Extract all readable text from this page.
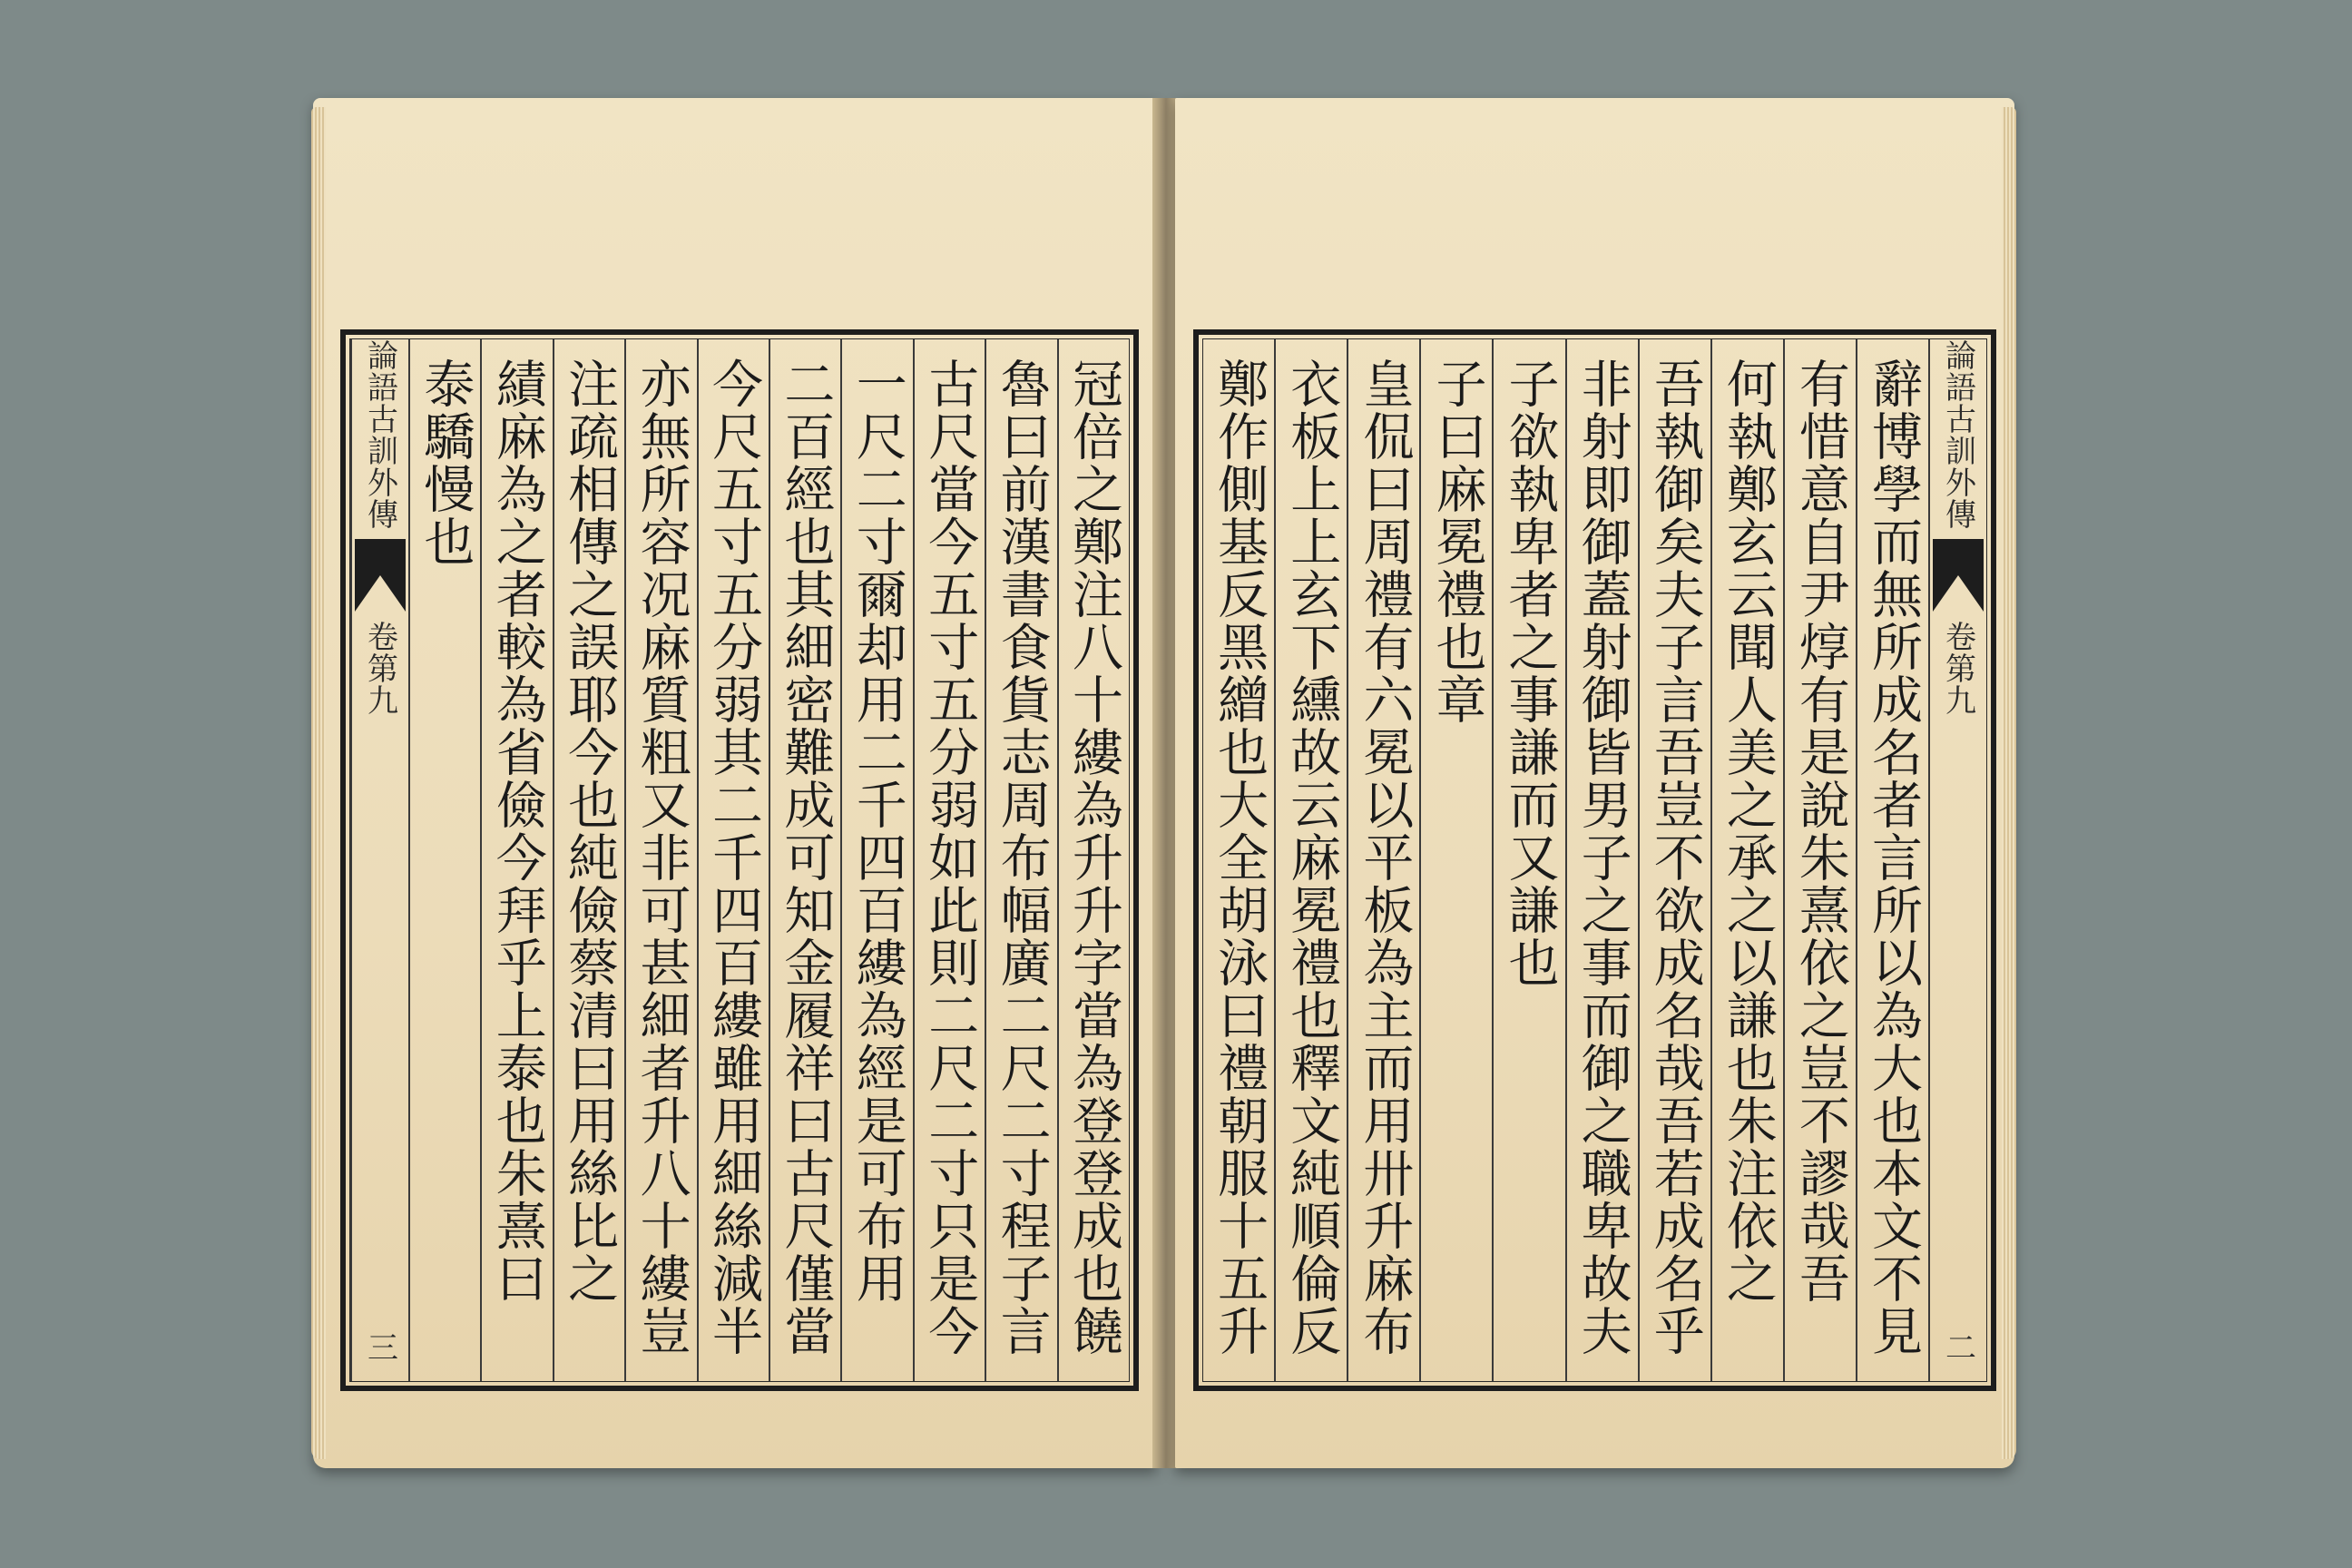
冠倍之鄭注八十縷為升升字當為登登成也饒
魯曰前漢書食貨志周布幅廣二尺二寸程子言
古尺當今五寸五分弱如此則二尺二寸只是今
一尺二寸爾却用二千四百縷為經是可布用
二百經也其細密難成可知金履祥曰古尺僅當
今尺五寸五分弱其二千四百縷雖用細絲減半
亦無所容况麻質粗又非可甚細者升八十縷豈
注疏相傳之誤耶今也純儉蔡清曰用絲比之
績麻為之者較為省儉今拜乎上泰也朱熹曰
泰驕慢也
論語古訓外傳
卷第九
三
論語古訓外傳
卷第九
二
辭博學而無所成名者言所以為大也本文不見
有惜意自尹焞有是說朱熹依之豈不謬哉吾
何執鄭玄云聞人美之承之以謙也朱注依之
吾執御矣夫子言吾豈不欲成名哉吾若成名乎
非射即御蓋射御皆男子之事而御之職卑故夫
子欲執卑者之事謙而又謙也
子曰麻冕禮也章
皇侃曰周禮有六冕以平板為主而用卅升麻布
衣板上上玄下纁故云麻冕禮也釋文純順倫反
鄭作側基反黑繒也大全胡泳曰禮朝服十五升
